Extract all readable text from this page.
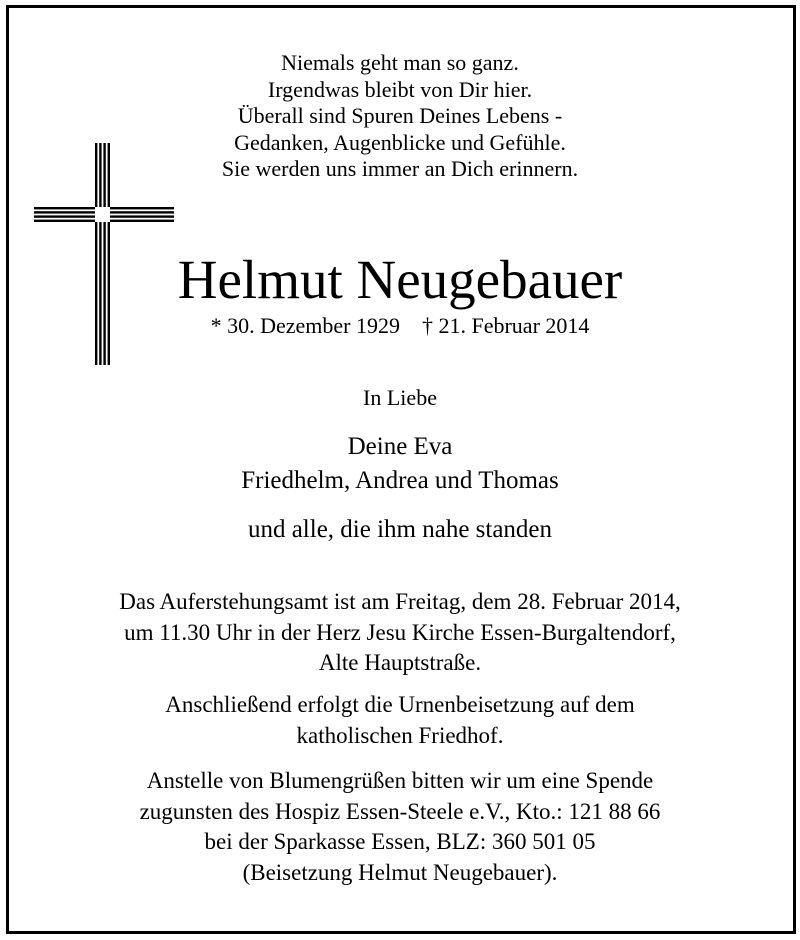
Niemals geht man so ganz.
Irgendwas bleibt von Dir hier.
Überall sind Spuren Deines Lebens -
Gedanken, Augenblicke und Gefühle.
Sie werden uns immer an Dich erinnern.
Helmut Neugebauer
* 30. Dezember 1929 † 21. Februar 2014
In Liebe
Deine Eva
Friedhelm, Andrea und Thomas
und alle, die ihm nahe standen
Das Auferstehungsamt ist am Freitag, dem 28. Februar 2014,
um 11.30 Uhr in der Herz Jesu Kirche Essen-Burgaltendorf,
Alte Hauptstraße.
Anschließend erfolgt die Urnenbeisetzung auf dem
katholischen Friedhof.
Anstelle von Blumengrüßen bitten wir um eine Spende
zugunsten des Hospiz Essen-Steele e.V., Kto.: 121 88 66
bei der Sparkasse Essen, BLZ: 360 501 05
(Beisetzung Helmut Neugebauer).
